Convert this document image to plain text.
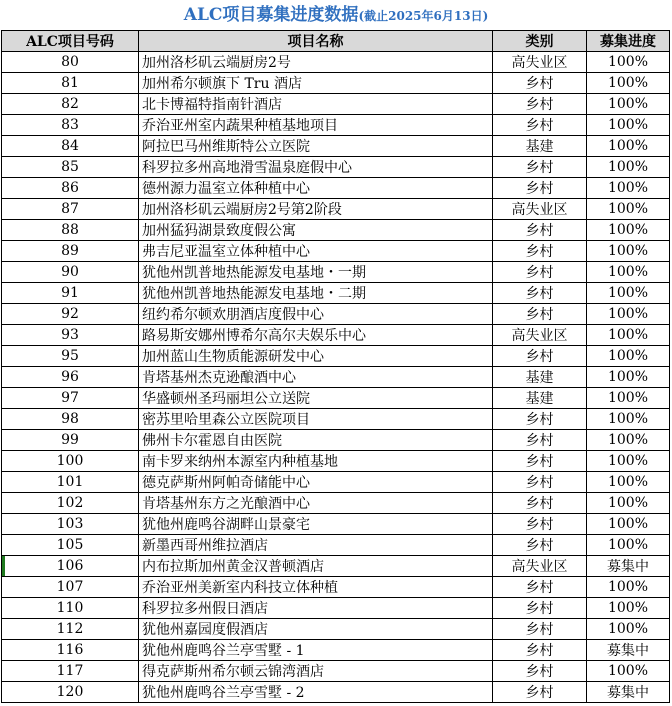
ALC项目募集进度数据(截止2025年6月13日)
ALC项目号码	项目名称	类别	募集进度
80	加州洛杉矶云端厨房2号	高失业区	100%
81	加州希尔顿旗下 Tru 酒店	乡村	100%
82	北卡博福特指南针酒店	乡村	100%
83	乔治亚州室内蔬果种植基地项目	乡村	100%
84	阿拉巴马州维斯特公立医院	基建	100%
85	科罗拉多州高地滑雪温泉庭假中心	乡村	100%
86	德州源力温室立体种植中心	乡村	100%
87	加州洛杉矶云端厨房2号第2阶段	高失业区	100%
88	加州猛犸湖景致度假公寓	乡村	100%
89	弗吉尼亚温室立体种植中心	乡村	100%
90	犹他州凯普地热能源发电基地・一期	乡村	100%
91	犹他州凯普地热能源发电基地・二期	乡村	100%
92	纽约希尔顿欢朋酒店度假中心	乡村	100%
93	路易斯安娜州博希尔高尔夫娱乐中心	高失业区	100%
95	加州蓝山生物质能源研发中心	乡村	100%
96	肯塔基州杰克逊酿酒中心	基建	100%
97	华盛顿州圣玛丽坦公立送院	基建	100%
98	密苏里哈里森公立医院项目	乡村	100%
99	佛州卡尔霍恩自由医院	乡村	100%
100	南卡罗来纳州本源室内种植基地	乡村	100%
101	德克萨斯州阿帕奇储能中心	乡村	100%
102	肯塔基州东方之光酿酒中心	乡村	100%
103	犹他州鹿鸣谷湖畔山景豪宅	乡村	100%
105	新墨西哥州维拉酒店	乡村	100%
106	内布拉斯加州黄金汉普顿酒店	高失业区	募集中
107	乔治亚州美新室内科技立体种植	乡村	100%
110	科罗拉多州假日酒店	乡村	100%
112	犹他州嘉园度假酒店	乡村	100%
116	犹他州鹿鸣谷兰亭雪墅 - 1	乡村	募集中
117	得克萨斯州希尔顿云锦湾酒店	乡村	100%
120	犹他州鹿鸣谷兰亭雪墅 - 2	乡村	募集中
